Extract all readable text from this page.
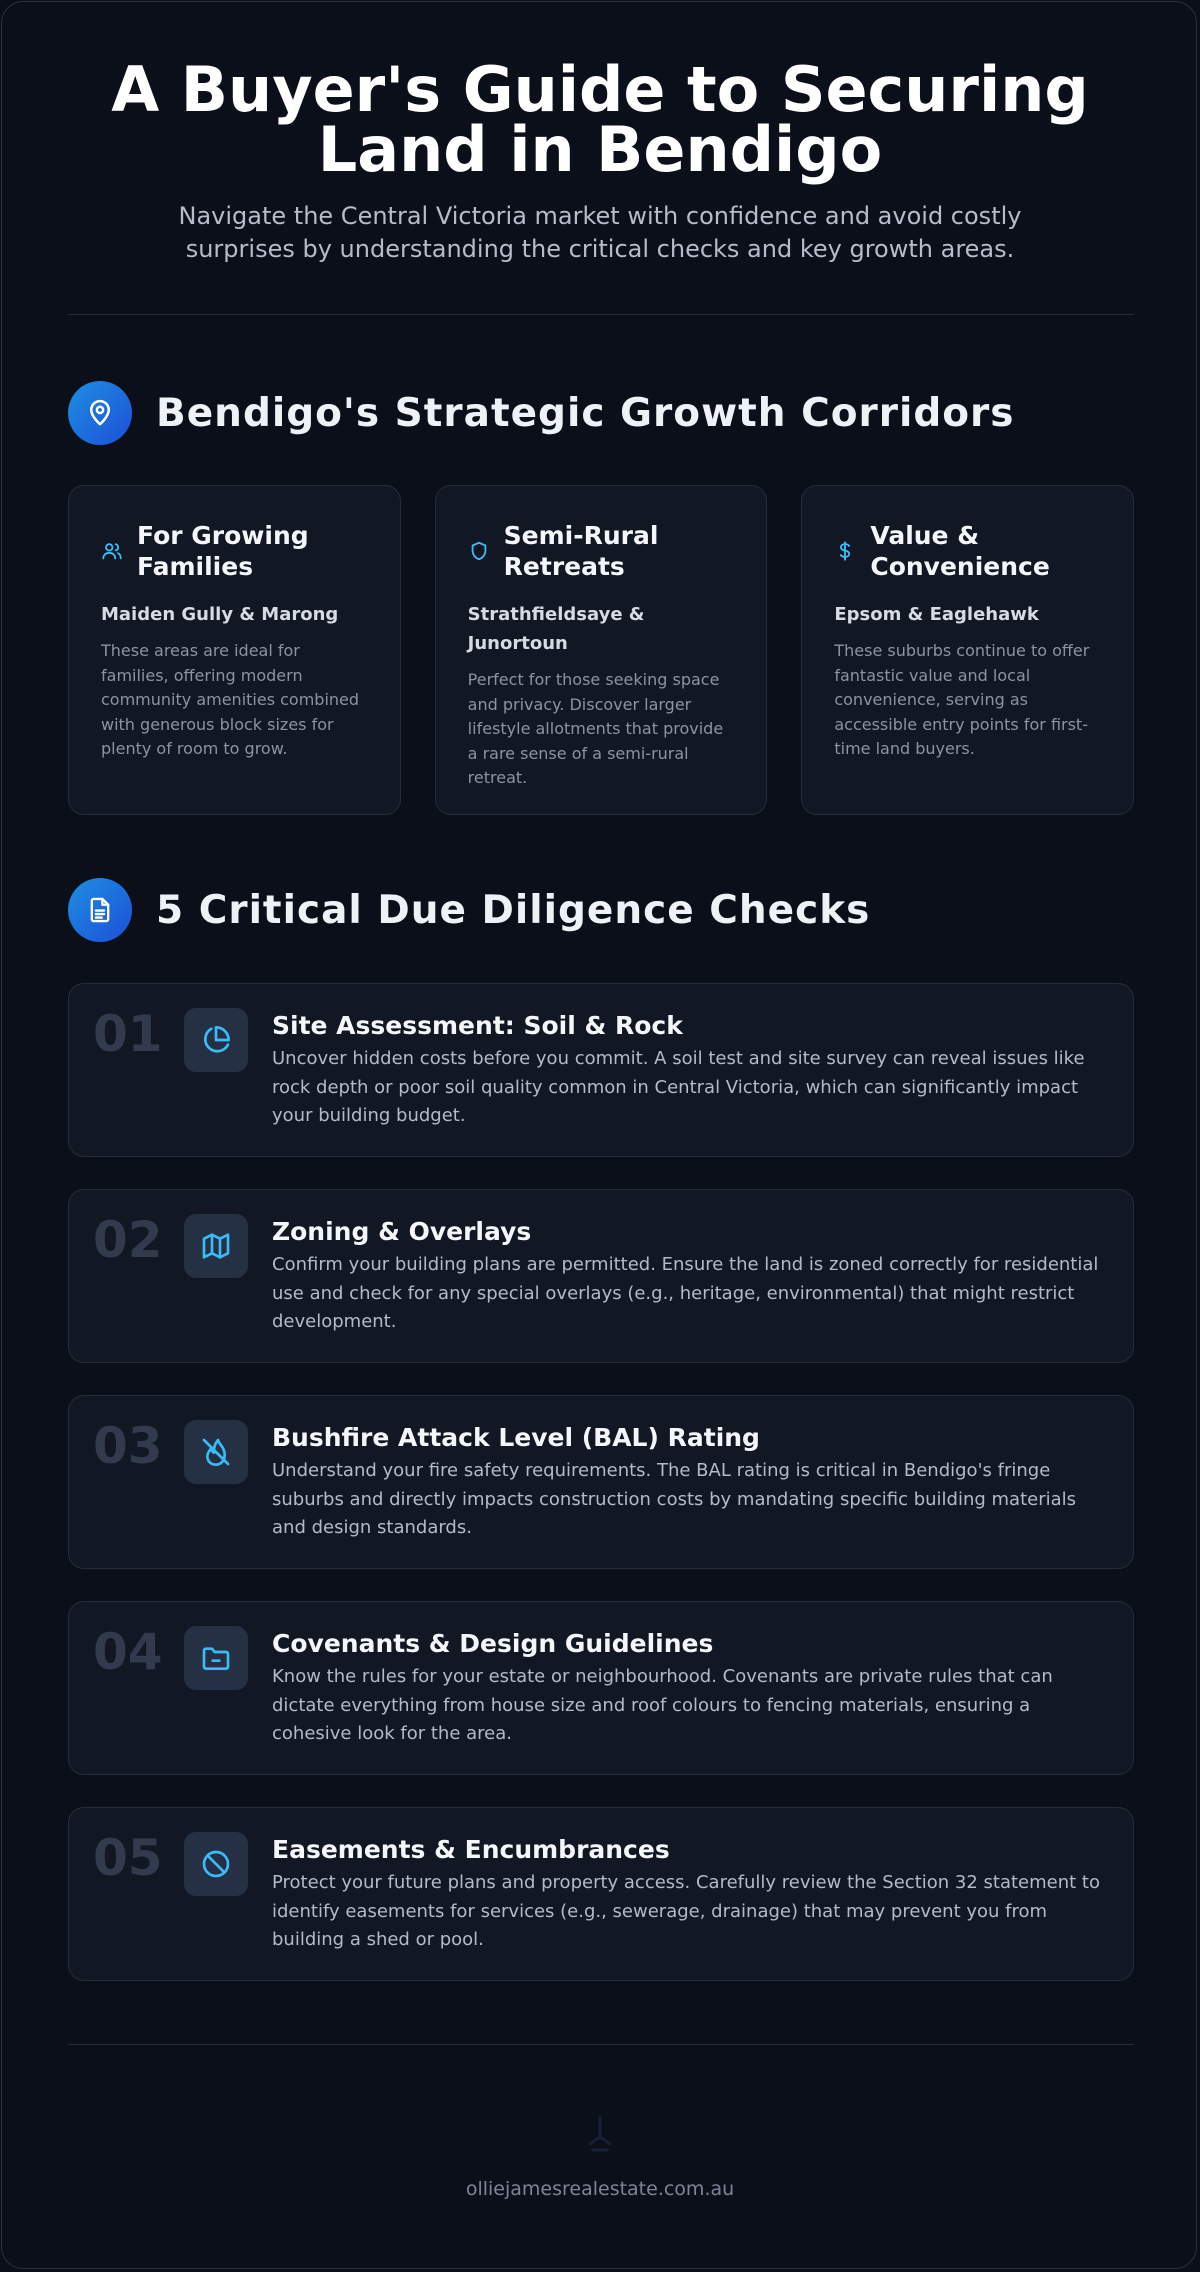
A Buyer's Guide to Securing Land in Bendigo

Navigate the Central Victoria market with confidence and avoid costly surprises by understanding the critical checks and key growth areas.

Bendigo's Strategic Growth Corridors
For Growing Families
Maiden Gully & Marong
These areas are ideal for families, offering modern community amenities combined with generous block sizes for plenty of room to grow.
Semi-Rural Retreats
Strathfieldsaye & Junortoun
Perfect for those seeking space and privacy. Discover larger lifestyle allotments that provide a rare sense of a semi-rural retreat.
Value & Convenience
Epsom & Eaglehawk
These suburbs continue to offer fantastic value and local convenience, serving as accessible entry points for first-time land buyers.
5 Critical Due Diligence Checks
01	Site Assessment: Soil & Rock

Uncover hidden costs before you commit. A soil test and site survey can reveal issues like rock depth or poor soil quality common in Central Victoria, which can significantly impact your building budget.

02	Zoning & Overlays

Confirm your building plans are permitted. Ensure the land is zoned correctly for residential use and check for any special overlays (e.g., heritage, environmental) that might restrict development.

03	Bushfire Attack Level (BAL) Rating

Understand your fire safety requirements. The BAL rating is critical in Bendigo's fringe suburbs and directly impacts construction costs by mandating specific building materials and design standards.

04	Covenants & Design Guidelines

Know the rules for your estate or neighbourhood. Covenants are private rules that can dictate everything from house size and roof colours to fencing materials, ensuring a cohesive look for the area.

05	Easements & Encumbrances

Protect your future plans and property access. Carefully review the Section 32 statement to identify easements for services (e.g., sewerage, drainage) that may prevent you from building a shed or pool.

olliejamesrealestate.com.au
